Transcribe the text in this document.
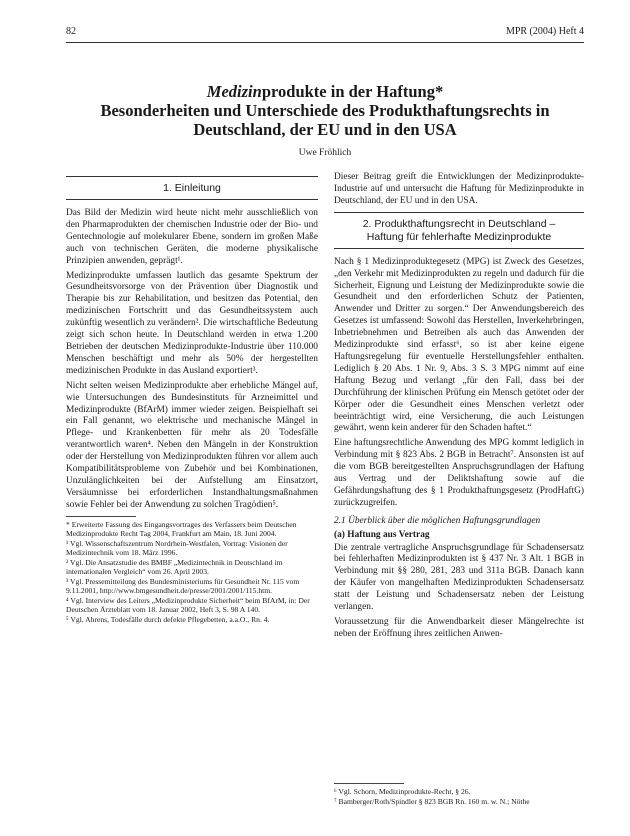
82	MPR (2004) Heft 4
Medizinprodukte in der Haftung*
Besonderheiten und Unterschiede des Produkthaftungsrechts in
Deutschland, der EU und in den USA
Uwe Fröhlich
1. Einleitung

Das Bild der Medizin wird heute nicht mehr ausschließlich von den Pharmaprodukten der chemischen Industrie oder der Bio- und Gentechnologie auf molekularer Ebene, sondern im großen Maße auch von technischen Geräten, die moderne physikalische Prinzipien anwenden, geprägt¹.

Medizinprodukte umfassen lautlich das gesamte Spektrum der Gesundheitsvorsorge von der Prävention über Diagnostik und Therapie bis zur Rehabilitation, und besitzen das Potential, den medizinischen Fortschritt und das Gesundheitssystem auch zukünftig wesentlich zu verändern². Die wirtschaftliche Bedeutung zeigt sich schon heute. In Deutschland werden in etwa 1.200 Betrieben der deutschen Medizinprodukte-Industrie über 110.000 Menschen beschäftigt und mehr als 50% der hergestellten medizinischen Produkte in das Ausland exportiert³.

Nicht selten weisen Medizinprodukte aber erhebliche Mängel auf, wie Untersuchungen des Bundesinstituts für Arzneimittel und Medizinprodukte (BfArM) immer wieder zeigen. Beispielhaft sei ein Fall genannt, wo elektrische und mechanische Mängel in Pflege- und Krankenbetten für mehr als 20 Todesfälle verantwortlich waren⁴. Neben den Mängeln in der Konstruktion oder der Herstellung von Medizinprodukten führen vor allem auch Kompatibilitätsprobleme von Zubehör und bei Kombinationen, Unzulänglichkeiten bei der Aufstellung am Einsatzort, Versäumnisse bei erforderlichen Instandhaltungsmaßnahmen sowie Fehler bei der Anwendung zu solchen Tragödien⁵.

* Erweiterte Fassung des Eingangsvortrages des Verfassers beim Deutschen Medizinprodukte Recht Tag 2004, Frankfurt am Main, 18. Juni 2004.
¹ Vgl. Wissenschaftszentrum Nordrhein-Westfalen, Vortrag: Visionen der Medizintechnik vom 18. März 1996.
² Vgl. Die Ansatzstudie des BMBF „Medizintechnik in Deutschland im internationalen Vergleich“ vom 26. April 2003.
³ Vgl. Pressemitteilung des Bundesministeriums für Gesundheit Nr. 115 vom 9.11.2001, http://www.bmgesundheit.de/presse/2001/2001/115.htm.
⁴ Vgl. Interview des Leiters „Medizinprodukte Sicherheit“ beim BfArM, in: Der Deutschen Ärzteblatt vom 18. Januar 2002, Heft 3, S. 98 A 140.
⁵ Vgl. Ahrens, Todesfälle durch defekte Pflegebetten, a.a.O., Rn. 4.

Dieser Beitrag greift die Entwicklungen der Medizinprodukte-Industrie auf und untersucht die Haftung für Medizinprodukte in Deutschland, der EU und in den USA.

2. Produkthaftungsrecht in Deutschland –
Haftung für fehlerhafte Medizinprodukte

Nach § 1 Medizinproduktegesetz (MPG) ist Zweck des Gesetzes, „den Verkehr mit Medizinprodukten zu regeln und dadurch für die Sicherheit, Eignung und Leistung der Medizinprodukte sowie die Gesundheit und den erforderlichen Schutz der Patienten, Anwender und Dritter zu sorgen.“ Der Anwendungsbereich des Gesetzes ist umfassend: Sowohl das Herstellen, Inverkehrbringen, Inbetriebnehmen und Betreiben als auch das Anwenden der Medizinprodukte sind erfasst⁶, so ist aber keine eigene Haftungsregelung für eventuelle Herstellungsfehler enthalten. Lediglich § 20 Abs. 1 Nr. 9, Abs. 3 S. 3 MPG nimmt auf eine Haftung Bezug und verlangt „für den Fall, dass bei der Durchführung der klinischen Prüfung ein Mensch getötet oder der Körper oder die Gesundheit eines Menschen verletzt oder beeinträchtigt wird, eine Versicherung, die auch Leistungen gewährt, wenn kein anderer für den Schaden haftet.“

Eine haftungsrechtliche Anwendung des MPG kommt lediglich in Verbindung mit § 823 Abs. 2 BGB in Betracht⁷. Ansonsten ist auf die vom BGB bereitgestellten Anspruchsgrundlagen der Haftung aus Vertrag und der Deliktshaftung sowie auf die Gefährdungshaftung des § 1 Produkthaftungsgesetz (ProdHaftG) zurückzugreifen.

2.1 Überblick über die möglichen Haftungsgrundlagen
(a) Haftung aus Vertrag

Die zentrale vertragliche Anspruchsgrundlage für Schadensersatz bei fehlerhaften Medizinprodukten ist § 437 Nr. 3 Alt. 1 BGB in Verbindung mit §§ 280, 281, 283 und 311a BGB. Danach kann der Käufer von mangelhaften Medizinprodukten Schadensersatz statt der Leistung und Schadensersatz neben der Leistung verlangen.

Voraussetzung für die Anwendbarkeit dieser Mängelrechte ist neben der Eröffnung ihres zeitlichen Anwen-

⁶ Vgl. Schorn, Medizinprodukte-Recht, § 26.
⁷ Bamberger/Roth/Spindler § 823 BGB Rn. 160 m. w. N.; Nöthe
